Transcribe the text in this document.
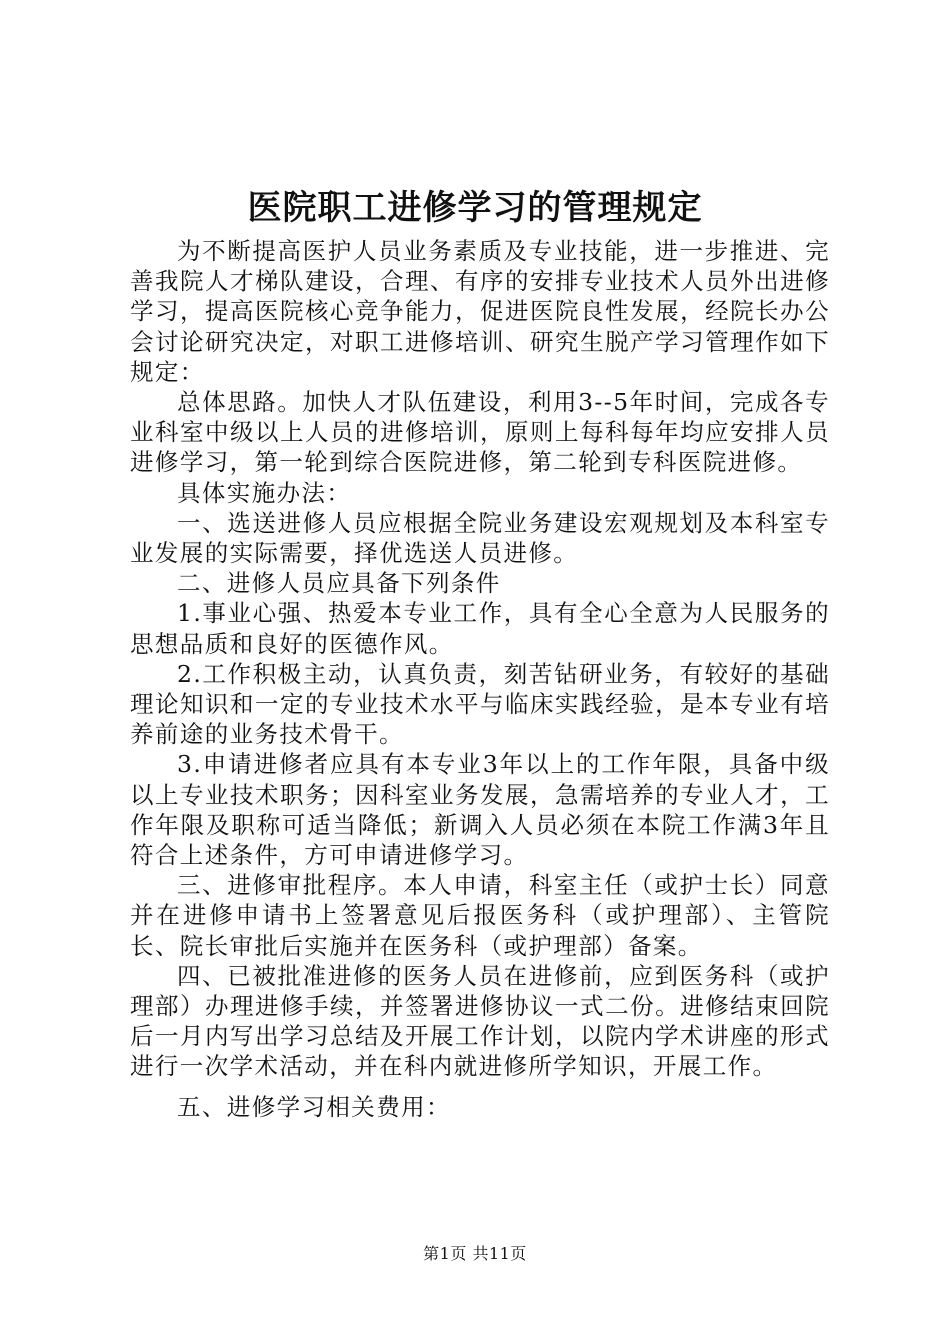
医院职工进修学习的管理规定

为不断提高医护人员业务素质及专业技能，进一步推进、完善我院人才梯队建设，合理、有序的安排专业技术人员外出进修学习，提高医院核心竞争能力，促进医院良性发展，经院长办公会讨论研究决定，对职工进修培训、研究生脱产学习管理作如下规定：

总体思路。加快人才队伍建设，利用3--5年时间，完成各专业科室中级以上人员的进修培训，原则上每科每年均应安排人员进修学习，第一轮到综合医院进修，第二轮到专科医院进修。

具体实施办法：

一、选送进修人员应根据全院业务建设宏观规划及本科室专业发展的实际需要，择优选送人员进修。

二、进修人员应具备下列条件

1.事业心强、热爱本专业工作，具有全心全意为人民服务的思想品质和良好的医德作风。

2.工作积极主动，认真负责，刻苦钻研业务，有较好的基础理论知识和一定的专业技术水平与临床实践经验，是本专业有培养前途的业务技术骨干。

3.申请进修者应具有本专业3年以上的工作年限，具备中级以上专业技术职务；因科室业务发展，急需培养的专业人才，工作年限及职称可适当降低；新调入人员必须在本院工作满3年且符合上述条件，方可申请进修学习。

三、进修审批程序。本人申请，科室主任（或护士长）同意并在进修申请书上签署意见后报医务科（或护理部）、主管院长、院长审批后实施并在医务科（或护理部）备案。

四、已被批准进修的医务人员在进修前，应到医务科（或护理部）办理进修手续，并签署进修协议一式二份。进修结束回院后一月内写出学习总结及开展工作计划，以院内学术讲座的形式进行一次学术活动，并在科内就进修所学知识，开展工作。

五、进修学习相关费用：

第1页 共11页
